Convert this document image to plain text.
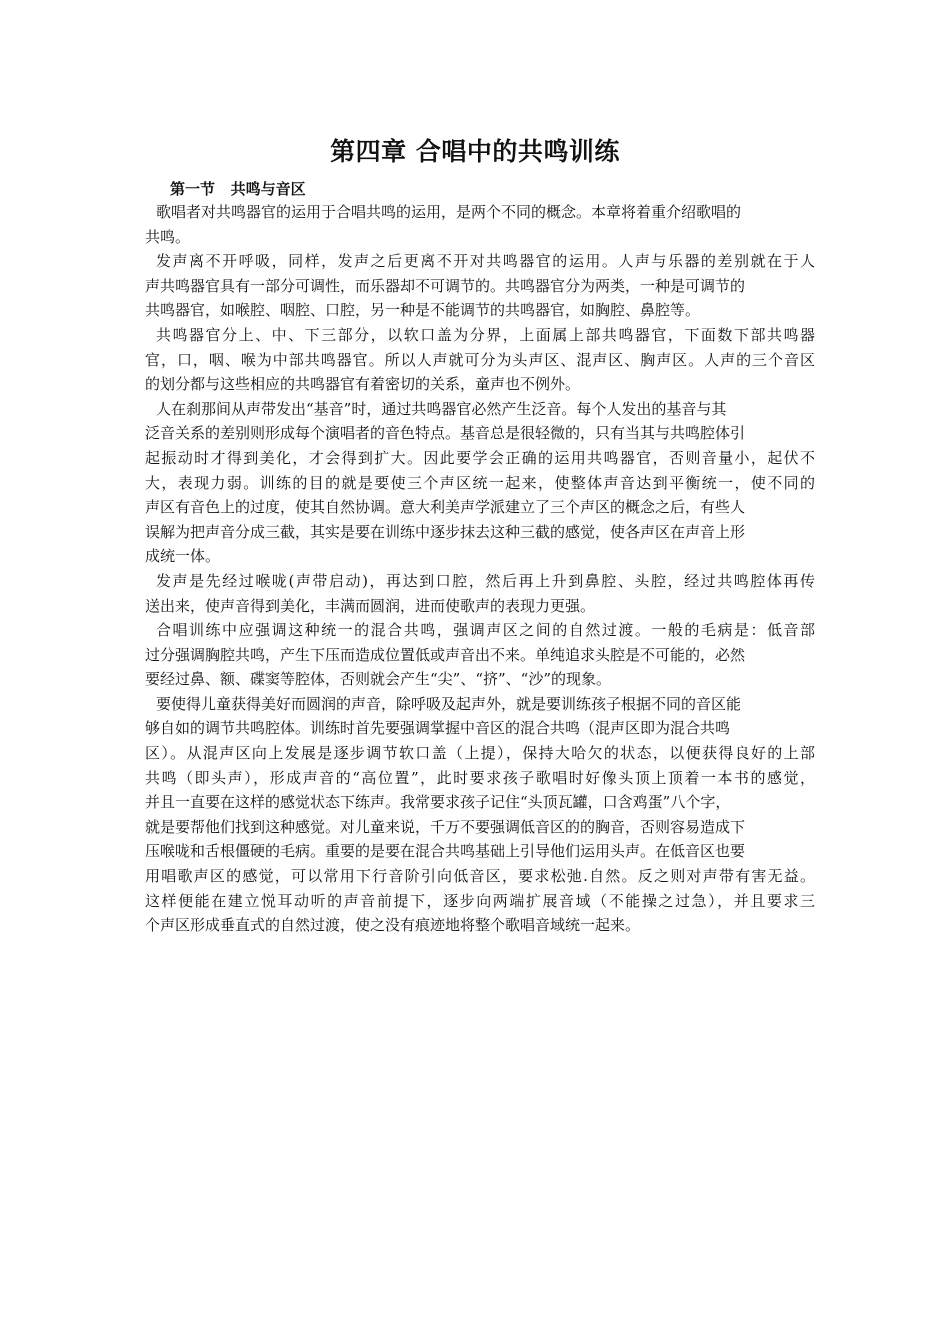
第四章 合唱中的共鸣训练
第一节   共鸣与音区
歌唱者对共鸣器官的运用于合唱共鸣的运用，是两个不同的概念。本章将着重介绍歌唱的
共鸣。
发声离不开呼吸，同样，发声之后更离不开对共鸣器官的运用。人声与乐器的差别就在于人
声共鸣器官具有一部分可调性，而乐器却不可调节的。共鸣器官分为两类，一种是可调节的
共鸣器官，如喉腔、咽腔、口腔，另一种是不能调节的共鸣器官，如胸腔、鼻腔等。
共鸣器官分上、中、下三部分，以软口盖为分界，上面属上部共鸣器官，下面数下部共鸣器
官，口，咽、喉为中部共鸣器官。所以人声就可分为头声区、混声区、胸声区。人声的三个音区
的划分都与这些相应的共鸣器官有着密切的关系，童声也不例外。
人在刹那间从声带发出“基音”时，通过共鸣器官必然产生泛音。每个人发出的基音与其
泛音关系的差别则形成每个演唱者的音色特点。基音总是很轻微的，只有当其与共鸣腔体引
起振动时才得到美化，才会得到扩大。因此要学会正确的运用共鸣器官，否则音量小，起伏不
大，表现力弱。训练的目的就是要使三个声区统一起来，使整体声音达到平衡统一，使不同的
声区有音色上的过度，使其自然协调。意大利美声学派建立了三个声区的概念之后，有些人
误解为把声音分成三截，其实是要在训练中逐步抹去这种三截的感觉，使各声区在声音上形
成统一体。
发声是先经过喉咙(声带启动)，再达到口腔，然后再上升到鼻腔、头腔，经过共鸣腔体再传
送出来，使声音得到美化，丰满而圆润，进而使歌声的表现力更强。
合唱训练中应强调这种统一的混合共鸣，强调声区之间的自然过渡。一般的毛病是：低音部
过分强调胸腔共鸣，产生下压而造成位置低或声音出不来。单纯追求头腔是不可能的，必然
要经过鼻、额、碟窦等腔体，否则就会产生“尖”、“挤”、“沙”的现象。
要使得儿童获得美好而圆润的声音，除呼吸及起声外，就是要训练孩子根据不同的音区能
够自如的调节共鸣腔体。训练时首先要强调掌握中音区的混合共鸣（混声区即为混合共鸣
区）。从混声区向上发展是逐步调节软口盖（上提），保持大哈欠的状态，以便获得良好的上部
共鸣（即头声），形成声音的“高位置”，此时要求孩子歌唱时好像头顶上顶着一本书的感觉，
并且一直要在这样的感觉状态下练声。我常要求孩子记住“头顶瓦罐，口含鸡蛋”八个字，
就是要帮他们找到这种感觉。对儿童来说，千万不要强调低音区的的胸音，否则容易造成下
压喉咙和舌根僵硬的毛病。重要的是要在混合共鸣基础上引导他们运用头声。在低音区也要
用唱歌声区的感觉，可以常用下行音阶引向低音区，要求松弛.自然。反之则对声带有害无益。
这样便能在建立悦耳动听的声音前提下，逐步向两端扩展音域（不能操之过急），并且要求三
个声区形成垂直式的自然过渡，使之没有痕迹地将整个歌唱音域统一起来。
